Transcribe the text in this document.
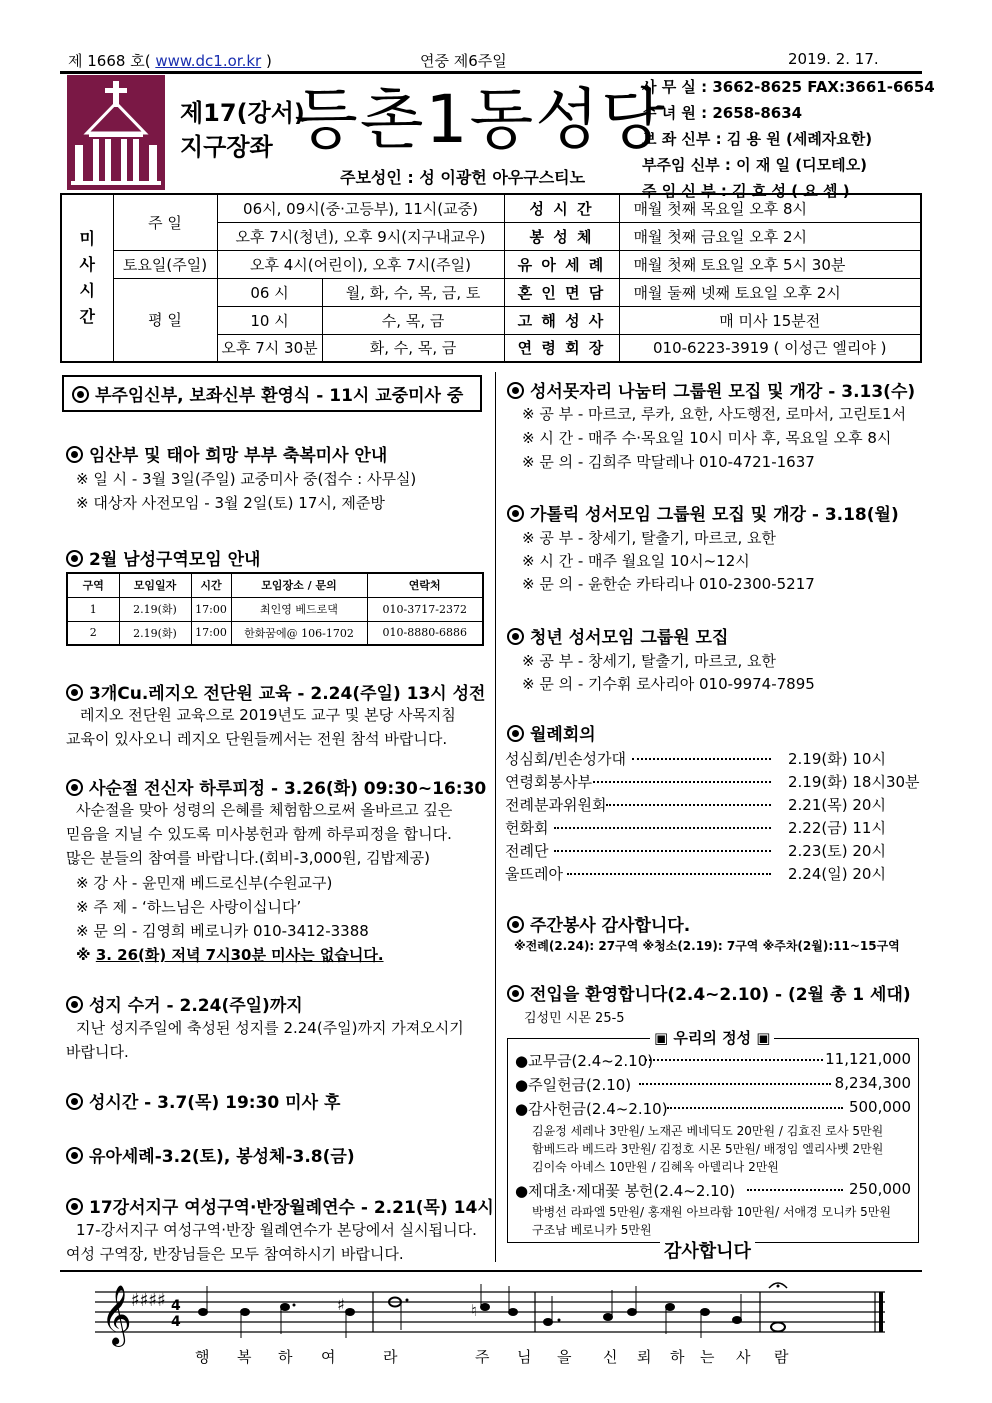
제 1668 호( www.dc1.or.kr )	연중 제6주일	2019. 2. 17.
제17(강서)
지구장좌 등촌1동성당
주보성인 : 성 이광헌 아우구스티노
사 무 실 : 3662-8625 FAX:3661-6654
수 녀 원 : 2658-8634
보 좌 신부 : 김 용 원 (세례자요한)
부주임 신부 : 이 재 일 (디모테오)
주 임 신 부 : 김 효 성 ( 요 셉 )
미
사
시
간	주 일	06시, 09시(중·고등부), 11시(교중)		성 시 간	매월 첫째 목요일 오후 8시
		오후 7시(청년), 오후 9시(지구내교우)		봉 성 체	매월 첫째 금요일 오후 2시
	토요일(주일)	오후 4시(어린이), 오후 7시(주일)		유 아 세 례	매월 첫째 토요일 오후 5시 30분
	평 일	06 시	월, 화, 수, 목, 금, 토	혼 인 면 담	매월 둘째 넷째 토요일 오후 2시
		10 시	수, 목, 금	고 해 성 사	매 미사 15분전
		오후 7시 30분	화, 수, 목, 금	연 령 회 장	010-6223-3919 ( 이성근 엘리야 )
부주임신부, 보좌신부 환영식 - 11시 교중미사 중
임산부 및 태아 희망 부부 축복미사 안내
※ 일 시 - 3월 3일(주일) 교중미사 중(접수 : 사무실)
※ 대상자 사전모임 - 3월 2일(토) 17시, 제준방
2월 남성구역모임 안내
구역	모임일자	시간	모임장소 / 문의	연락처
1	2.19(화)	17:00	최인영 베드로댁	010-3717-2372
2	2.19(화)	17:00	한화꿈에@ 106-1702	010-8880-6886
3개Cu.레지오 전단원 교육 - 2.24(주일) 13시 성전
레지오 전단원 교육으로 2019년도 교구 및 본당 사목지침
교육이 있사오니 레지오 단원들께서는 전원 참석 바랍니다.
사순절 전신자 하루피정 - 3.26(화) 09:30~16:30
사순절을 맞아 성령의 은혜를 체험함으로써 올바르고 깊은
믿음을 지닐 수 있도록 미사봉헌과 함께 하루피정을 합니다.
많은 분들의 참여를 바랍니다.(회비-3,000원, 김밥제공)
※ 강 사 - 윤민재 베드로신부(수원교구)
※ 주 제 - ‘하느님은 사랑이십니다’
※ 문 의 - 김영희 베로니카 010-3412-3388
※ 3. 26(화) 저녁 7시30분 미사는 없습니다.
성지 수거 - 2.24(주일)까지
지난 성지주일에 축성된 성지를 2.24(주일)까지 가져오시기
바랍니다.
성시간 - 3.7(목) 19:30 미사 후
유아세례-3.2(토), 봉성체-3.8(금)
17강서지구 여성구역·반장월례연수 - 2.21(목) 14시
17-강서지구 여성구역·반장 월례연수가 본당에서 실시됩니다.
여성 구역장, 반장님들은 모두 참여하시기 바랍니다.
성서못자리 나눔터 그룹원 모집 및 개강 - 3.13(수)
※ 공 부 - 마르코, 루카, 요한, 사도행전, 로마서, 고린토1서
※ 시 간 - 매주 수·목요일 10시 미사 후, 목요일 오후 8시
※ 문 의 - 김희주 막달레나 010-4721-1637
가톨릭 성서모임 그룹원 모집 및 개강 - 3.18(월)
※ 공 부 - 창세기, 탈출기, 마르코, 요한
※ 시 간 - 매주 월요일 10시~12시
※ 문 의 - 윤한순 카타리나 010-2300-5217
청년 성서모임 그룹원 모집
※ 공 부 - 창세기, 탈출기, 마르코, 요한
※ 문 의 - 기수휘 로사리아 010-9974-7895
월례회의
성심회/빈손성가대	2.19(화) 10시
연령회봉사부	2.19(화) 18시30분
전례분과위원회	2.21(목) 20시
헌화회	2.22(금) 11시
전례단	2.23(토) 20시
울뜨레아	2.24(일) 20시
주간봉사 감사합니다.
※전례(2.24): 27구역 ※청소(2.19): 7구역 ※주차(2월):11~15구역
전입을 환영합니다(2.4~2.10) - (2월 총 1 세대)
김성민 시몬 25-5
▣ 우리의 정성 ▣
●교무금(2.4~2.10)	11,121,000
●주일헌금(2.10)	8,234,300
●감사헌금(2.4~2.10)	500,000
김윤정 세레나 3만원/ 노재곤 베네딕도 20만원 / 김효진 로사 5만원
함베드라 베드라 3만원/ 김정호 시몬 5만원/ 배정임 엘리사벳 2만원
김이숙 아녜스 10만원 / 김혜옥 아델리나 2만원
●제대초·제대꽃 봉헌(2.4~2.10)	250,000
박병선 라파엘 5만원/ 홍재원 아브라함 10만원/ 서애경 모니카 5만원
구조남 베로니카 5만원
감사합니다
𝄞 ♯♯♯♯ 4
4
♮
♯
행 복 하 여	라	주 님 을 신 뢰 하 는 사 람
